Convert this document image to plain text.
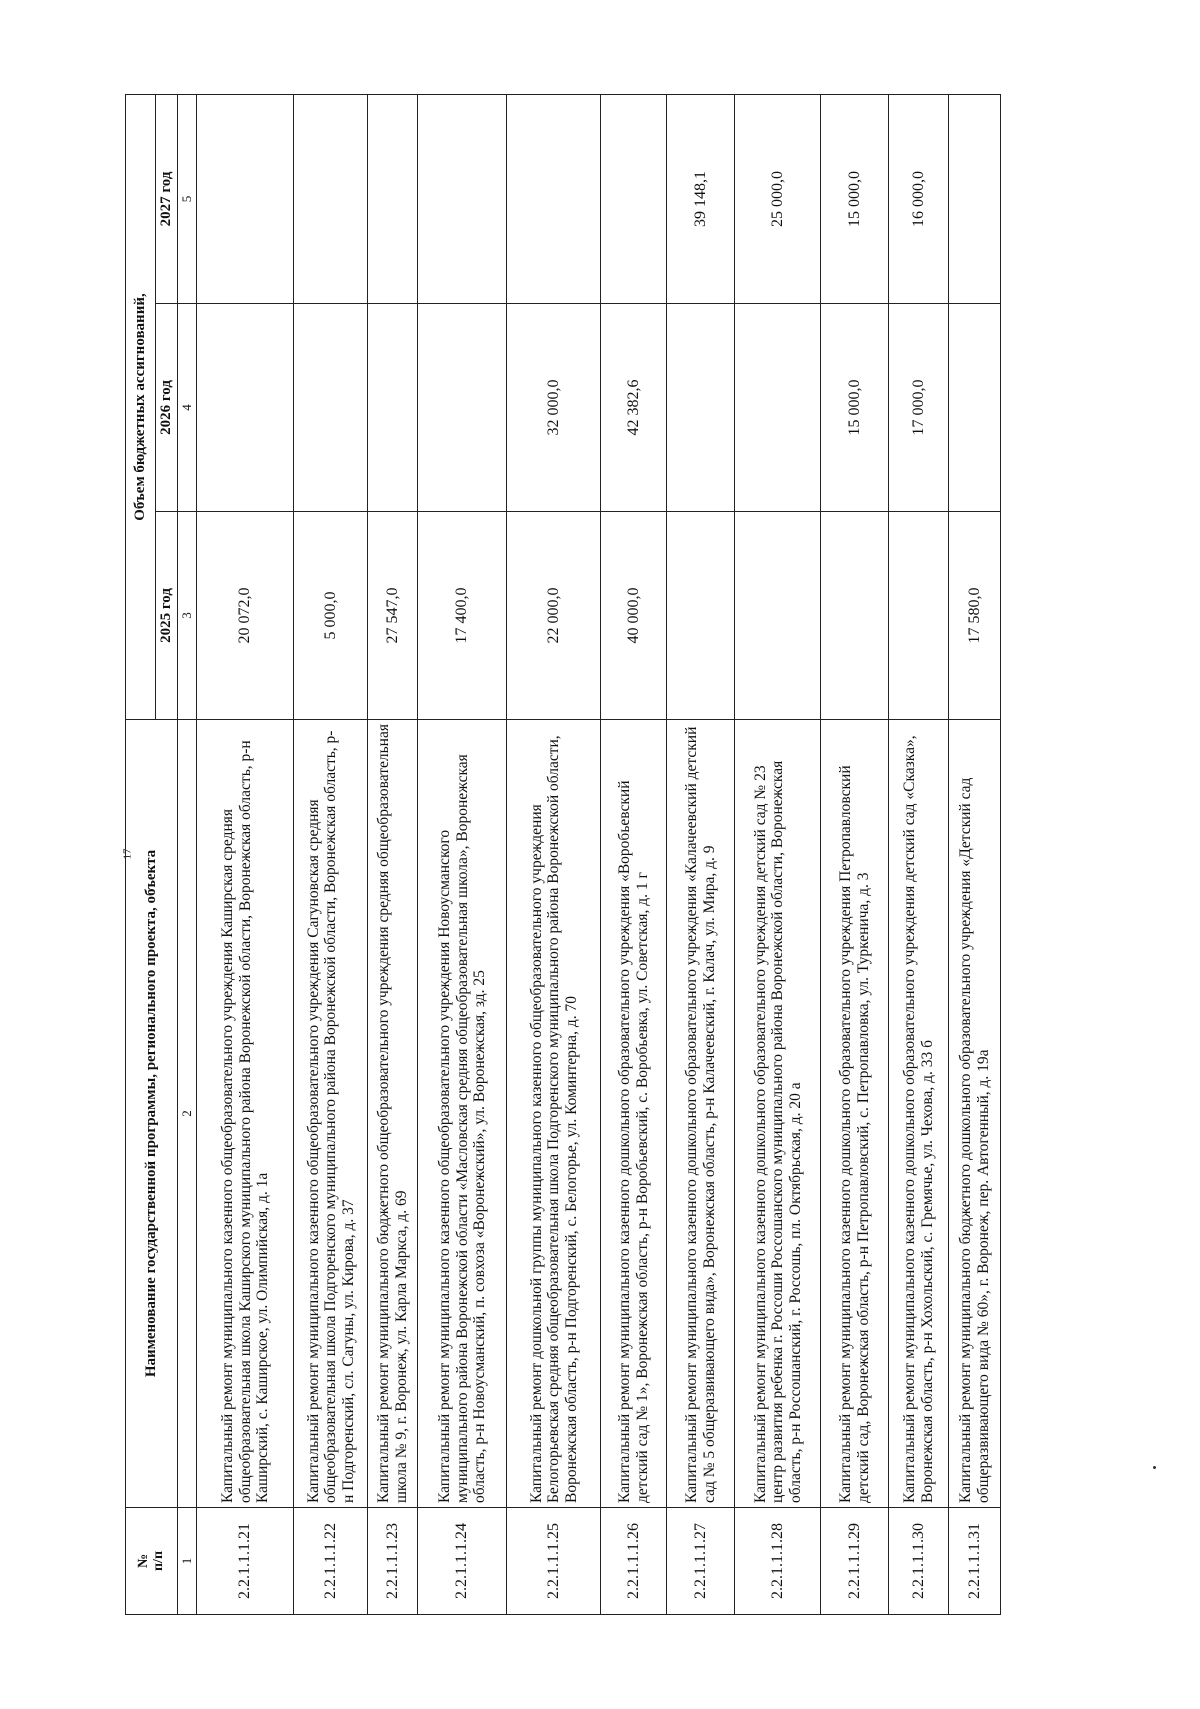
17
№
п/п	Наименование государственной программы, регионального проекта, объекта	Объем бюджетных ассигнований,		
		2025 год	2026 год	2027 год
1	2	3	4	5
2.2.1.1.1.21	Капитальный ремонт муниципального казенного общеобразовательного учреждения Каширская средняя общеобразовательная школа Каширского муниципального района Воронежской области, Воронежская область, р-н Каширский, с. Каширское, ул. Олимпийская, д. 1а	20 072,0		
2.2.1.1.1.22	Капитальный ремонт муниципального казенного общеобразовательного учреждения Сагуновская средняя общеобразовательная школа Подгоренского муниципального района Воронежской области, Воронежская область, р-н Подгоренский, сл. Сагуны, ул. Кирова, д. 37	5 000,0		
2.2.1.1.1.23	Капитальный ремонт муниципального бюджетного общеобразовательного учреждения средняя общеобразовательная школа № 9, г. Воронеж, ул. Карла Маркса, д. 69	27 547,0		
2.2.1.1.1.24	Капитальный ремонт муниципального казенного общеобразовательного учреждения Новоусманского муниципального района Воронежской области «Масловская средняя общеобразовательная школа», Воронежская область, р-н Новоусманский, п. совхоза «Воронежский», ул. Воронежская, зд. 25	17 400,0		
2.2.1.1.1.25	Капитальный ремонт дошкольной группы муниципального казенного общеобразовательного учреждения Белогорьевская средняя общеобразовательная школа Подгоренского муниципального района Воронежской области, Воронежская область, р-н Подгоренский, с. Белогорье, ул. Коминтерна, д. 70	22 000,0	32 000,0	
2.2.1.1.1.26	Капитальный ремонт муниципального казенного дошкольного образовательного учреждения «Воробьевский детский сад № 1», Воронежская область, р-н Воробьевский, с. Воробьевка, ул. Советская, д. 1 г	40 000,0	42 382,6	
2.2.1.1.1.27	Капитальный ремонт муниципального казенного дошкольного образовательного учреждения «Калачеевский детский сад № 5 общеразвивающего вида», Воронежская область, р-н Калачеевский, г. Калач, ул. Мира, д. 9			39 148,1
2.2.1.1.1.28	Капитальный ремонт муниципального казенного дошкольного образовательного учреждения детский сад № 23 центр развития ребенка г. Россоши Россошанского муниципального района Воронежской области, Воронежская область, р-н Россошанский, г. Россошь, пл. Октябрьская, д. 20 а			25 000,0
2.2.1.1.1.29	Капитальный ремонт муниципального казенного дошкольного образовательного учреждения Петропавловский детский сад, Воронежская область, р-н Петропавловский, с. Петропавловка, ул. Туркенича, д. 3		15 000,0	15 000,0
2.2.1.1.1.30	Капитальный ремонт муниципального казенного дошкольного образовательного учреждения детский сад «Сказка», Воронежская область, р-н Хохольский, с. Гремячье, ул. Чехова, д. 33 б		17 000,0	16 000,0
2.2.1.1.1.31	Капитальный ремонт муниципального бюджетного дошкольного образовательного учреждения «Детский сад общеразвивающего вида № 60», г. Воронеж, пер. Автогенный, д. 19а	17 580,0		
